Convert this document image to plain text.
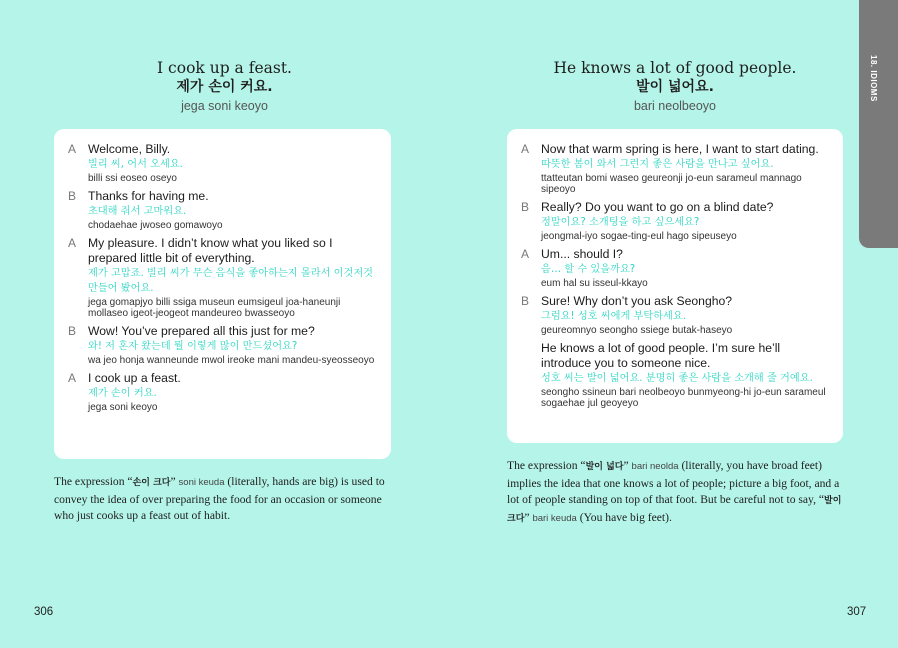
I cook up a feast.
제가 손이 커요.
jega soni keoyo
A Welcome, Billy.
빌리 씨, 어서 오세요.
billi ssi eoseo oseyo
B Thanks for having me.
초대해 줘서 고마워요.
chodaehae jwoseo gomawoyo
A My pleasure. I didn’t know what you liked so I prepared little bit of everything.
제가 고맙죠. 빌리 씨가 무슨 음식을 좋아하는지 몰라서 이것저것 만들어 봤어요.
jega gomapjyo billi ssiga museun eumsigeul joa-haneunji mollaseo igeot-jeogeot mandeureo bwasseoyo
B Wow! You’ve prepared all this just for me?
와! 저 혼자 왔는데 뭘 이렇게 많이 만드셨어요?
wa jeo honja wanneunde mwol ireoke mani mandeu-syeosseoyo
A I cook up a feast.
제가 손이 커요.
jega soni keoyo
The expression “손이 크다” soni keuda (literally, hands are big) is used to convey the idea of over preparing the food for an occasion or someone who just cooks up a feast out of habit.
306
He knows a lot of good people.
발이 넓어요.
bari neolbeoyo
A Now that warm spring is here, I want to start dating.
따뜻한 봄이 와서 그런지 좋은 사람을 만나고 싶어요.
ttatteutan bomi waseo geureonji jo-eun sarameul mannago sipeoyo
B Really? Do you want to go on a blind date?
정말이요? 소개팅을 하고 싶으세요?
jeongmal-iyo sogae-ting-eul hago sipeuseyo
A Um... should I?
음… 할 수 있을까요?
eum hal su isseul-kkayo
B Sure! Why don’t you ask Seongho?
그럼요! 성호 씨에게 부탁하세요.
geureomnyo seongho ssiege butak-haseyo
He knows a lot of good people. I’m sure he’ll introduce you to someone nice.
성호 씨는 발이 넓어요. 분명히 좋은 사람을 소개해 줄 거예요.
seongho ssineun bari neolbeoyo bunmyeong-hi jo-eun sarameul sogaehae jul geoyeyo
The expression “발이 넓다” bari neolda (literally, you have broad feet) implies the idea that one knows a lot of people; picture a big foot, and a lot of people standing on top of that foot. But be careful not to say, “발이 크다” bari keuda (You have big feet).
307
18. IDIOMS
